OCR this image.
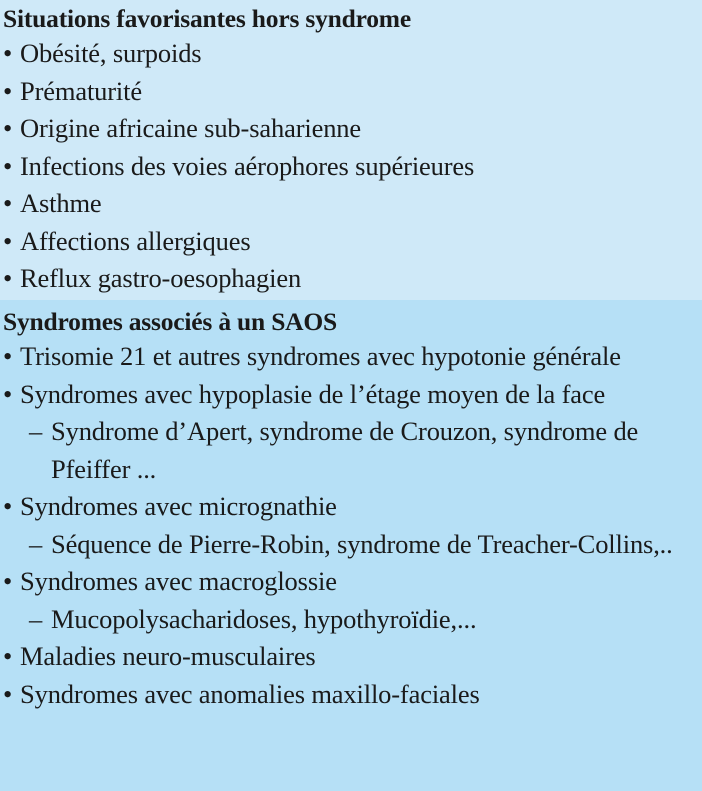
Situations favorisantes hors syndrome
• Obésité, surpoids
• Prématurité
• Origine africaine sub-saharienne
• Infections des voies aérophores supérieures
• Asthme
• Affections allergiques
• Reflux gastro-oesophagien
Syndromes associés à un SAOS
• Trisomie 21 et autres syndromes avec hypotonie générale
• Syndromes avec hypoplasie de l’étage moyen de la face
– Syndrome d’Apert, syndrome de Crouzon, syndrome de Pfeiffer ...
• Syndromes avec micrognathie
– Séquence de Pierre-Robin, syndrome de Treacher-Collins,..
• Syndromes avec macroglossie
– Mucopolysacharidoses, hypothyroïdie,...
• Maladies neuro-musculaires
• Syndromes avec anomalies maxillo-faciales
